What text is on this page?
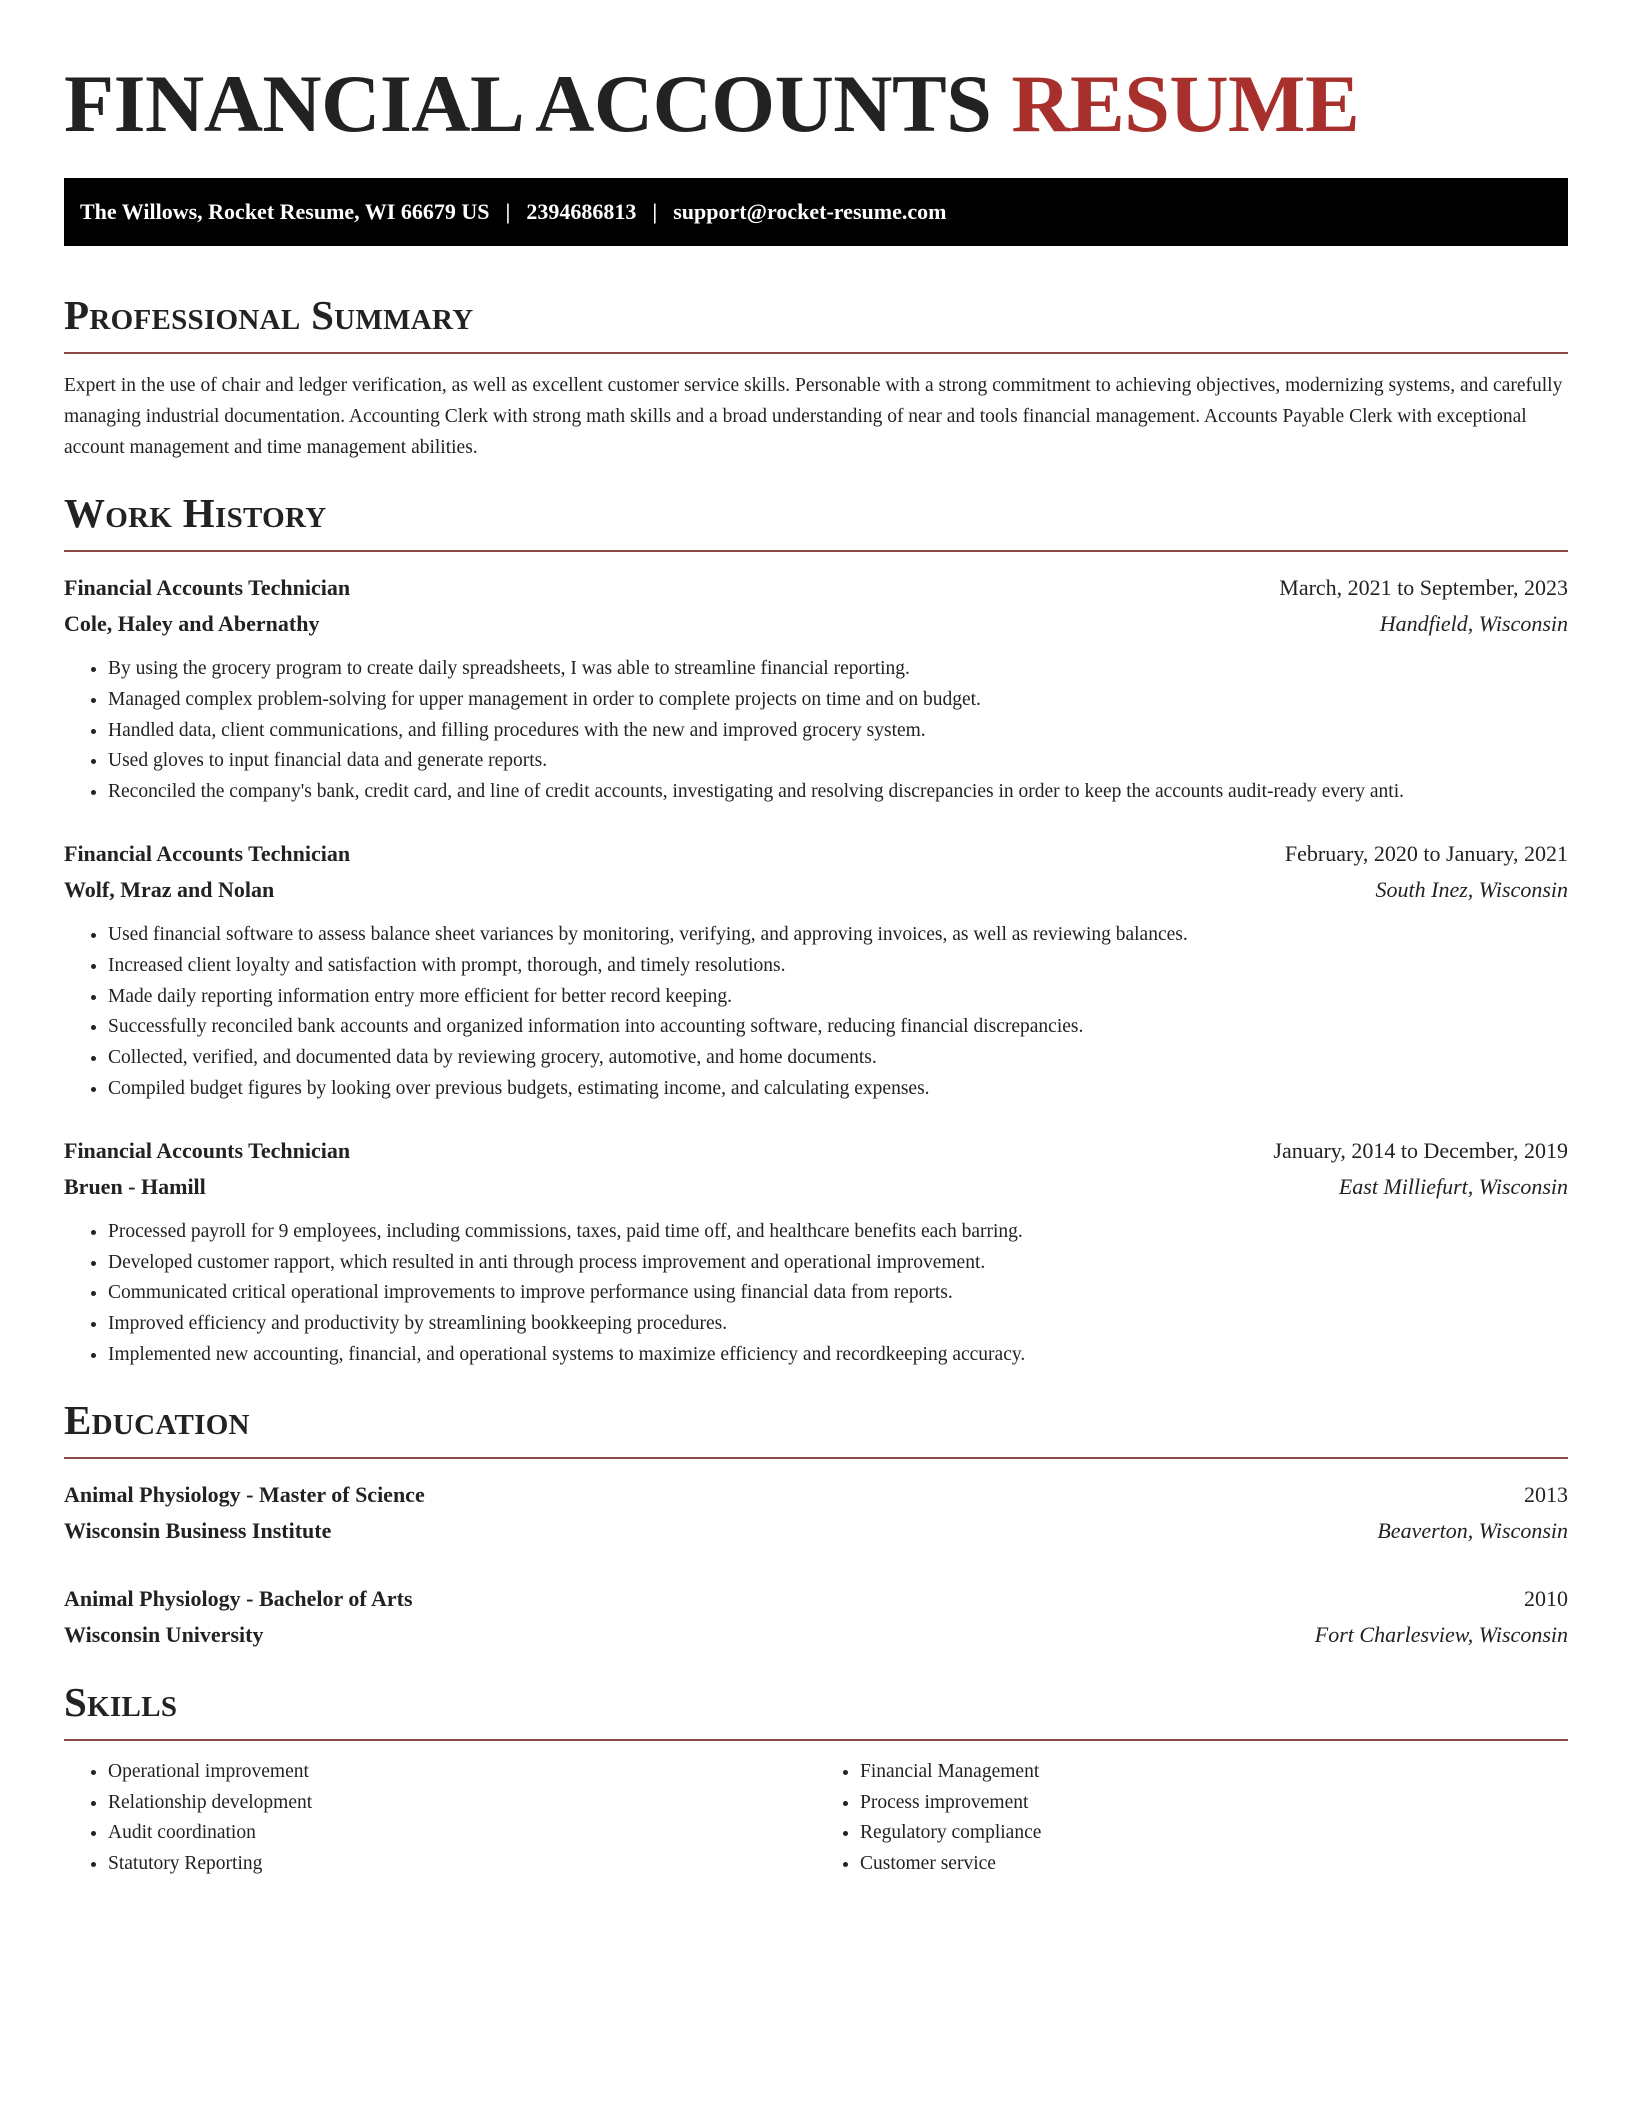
FINANCIAL ACCOUNTS RESUME
The Willows, Rocket Resume, WI 66679 US | 2394686813 | support@rocket-resume.com
Professional Summary

Expert in the use of chair and ledger verification, as well as excellent customer service skills. Personable with a strong commitment to achieving objectives, modernizing systems, and carefully managing industrial documentation. Accounting Clerk with strong math skills and a broad understanding of near and tools financial management. Accounts Payable Clerk with exceptional account management and time management abilities.

Work History
Financial Accounts Technician	March, 2021 to September, 2023
Cole, Haley and Abernathy	Handfield, Wisconsin
• By using the grocery program to create daily spreadsheets, I was able to streamline financial reporting.
• Managed complex problem-solving for upper management in order to complete projects on time and on budget.
• Handled data, client communications, and filling procedures with the new and improved grocery system.
• Used gloves to input financial data and generate reports.
• Reconciled the company's bank, credit card, and line of credit accounts, investigating and resolving discrepancies in order to keep the accounts audit-ready every anti.
Financial Accounts Technician	February, 2020 to January, 2021
Wolf, Mraz and Nolan	South Inez, Wisconsin
• Used financial software to assess balance sheet variances by monitoring, verifying, and approving invoices, as well as reviewing balances.
• Increased client loyalty and satisfaction with prompt, thorough, and timely resolutions.
• Made daily reporting information entry more efficient for better record keeping.
• Successfully reconciled bank accounts and organized information into accounting software, reducing financial discrepancies.
• Collected, verified, and documented data by reviewing grocery, automotive, and home documents.
• Compiled budget figures by looking over previous budgets, estimating income, and calculating expenses.
Financial Accounts Technician	January, 2014 to December, 2019
Bruen - Hamill	East Milliefurt, Wisconsin
• Processed payroll for 9 employees, including commissions, taxes, paid time off, and healthcare benefits each barring.
• Developed customer rapport, which resulted in anti through process improvement and operational improvement.
• Communicated critical operational improvements to improve performance using financial data from reports.
• Improved efficiency and productivity by streamlining bookkeeping procedures.
• Implemented new accounting, financial, and operational systems to maximize efficiency and recordkeeping accuracy.
Education
Animal Physiology - Master of Science	2013
Wisconsin Business Institute	Beaverton, Wisconsin
Animal Physiology - Bachelor of Arts	2010
Wisconsin University	Fort Charlesview, Wisconsin
Skills
• Operational improvement
• Relationship development
• Audit coordination
• Statutory Reporting
• Financial Management
• Process improvement
• Regulatory compliance
• Customer service
